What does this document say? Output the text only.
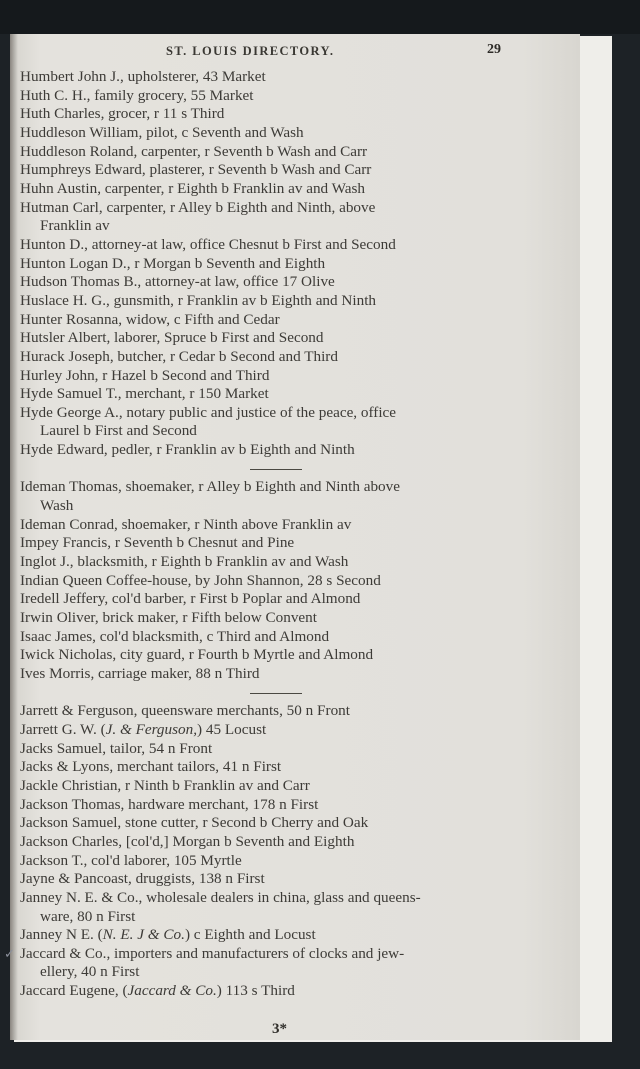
ST. LOUIS DIRECTORY.	29
Humbert John J., upholsterer, 43 Market
Huth C. H., family grocery, 55 Market
Huth Charles, grocer, r 11 s Third
Huddleson William, pilot, c Seventh and Wash
Huddleson Roland, carpenter, r Seventh b Wash and Carr
Humphreys Edward, plasterer, r Seventh b Wash and Carr
Huhn Austin, carpenter, r Eighth b Franklin av and Wash
Hutman Carl, carpenter, r Alley b Eighth and Ninth, above
Franklin av
Hunton D., attorney-at law, office Chesnut b First and Second
Hunton Logan D., r Morgan b Seventh and Eighth
Hudson Thomas B., attorney-at law, office 17 Olive
Huslace H. G., gunsmith, r Franklin av b Eighth and Ninth
Hunter Rosanna, widow, c Fifth and Cedar
Hutsler Albert, laborer, Spruce b First and Second
Hurack Joseph, butcher, r Cedar b Second and Third
Hurley John, r Hazel b Second and Third
Hyde Samuel T., merchant, r 150 Market
Hyde George A., notary public and justice of the peace, office
Laurel b First and Second
Hyde Edward, pedler, r Franklin av b Eighth and Ninth
Ideman Thomas, shoemaker, r Alley b Eighth and Ninth above
Wash
Ideman Conrad, shoemaker, r Ninth above Franklin av
Impey Francis, r Seventh b Chesnut and Pine
Inglot J., blacksmith, r Eighth b Franklin av and Wash
Indian Queen Coffee-house, by John Shannon, 28 s Second
Iredell Jeffery, col'd barber, r First b Poplar and Almond
Irwin Oliver, brick maker, r Fifth below Convent
Isaac James, col'd blacksmith, c Third and Almond
Iwick Nicholas, city guard, r Fourth b Myrtle and Almond
Ives Morris, carriage maker, 88 n Third
Jarrett & Ferguson, queensware merchants, 50 n Front
Jarrett G. W. (J. & Ferguson,) 45 Locust
Jacks Samuel, tailor, 54 n Front
Jacks & Lyons, merchant tailors, 41 n First
Jackle Christian, r Ninth b Franklin av and Carr
Jackson Thomas, hardware merchant, 178 n First
Jackson Samuel, stone cutter, r Second b Cherry and Oak
Jackson Charles, [col'd,] Morgan b Seventh and Eighth
Jackson T., col'd laborer, 105 Myrtle
Jayne & Pancoast, druggists, 138 n First
Janney N. E. & Co., wholesale dealers in china, glass and queens-
ware, 80 n First
Janney N E. (N. E. J & Co.) c Eighth and Locust
Jaccard & Co., importers and manufacturers of clocks and jew-
ellery, 40 n First
Jaccard Eugene, (Jaccard & Co.) 113 s Third
✓
3*
